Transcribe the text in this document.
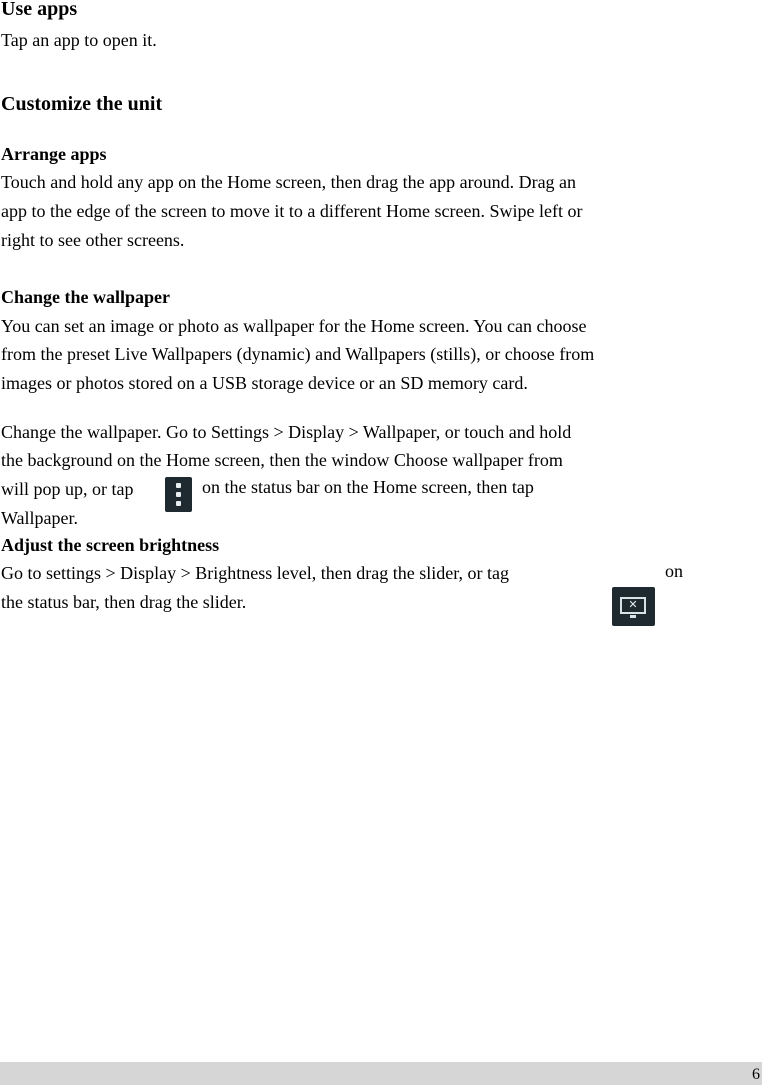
Use apps
Tap an app to open it.
Customize the unit
Arrange apps
Touch and hold any app on the Home screen, then drag the app around. Drag an
app to the edge of the screen to move it to a different Home screen. Swipe left or
right to see other screens.
Change the wallpaper
You can set an image or photo as wallpaper for the Home screen. You can choose
from the preset Live Wallpapers (dynamic) and Wallpapers (stills), or choose from
images or photos stored on a USB storage device or an SD memory card.
Change the wallpaper. Go to Settings > Display > Wallpaper, or touch and hold
the background on the Home screen, then the window Choose wallpaper from
will pop up, or tap	on the status bar on the Home screen, then tap
Wallpaper.
Adjust the screen brightness
Go to settings > Display > Brightness level, then drag the slider, or tag	on
the status bar, then drag the slider.	✕
6
